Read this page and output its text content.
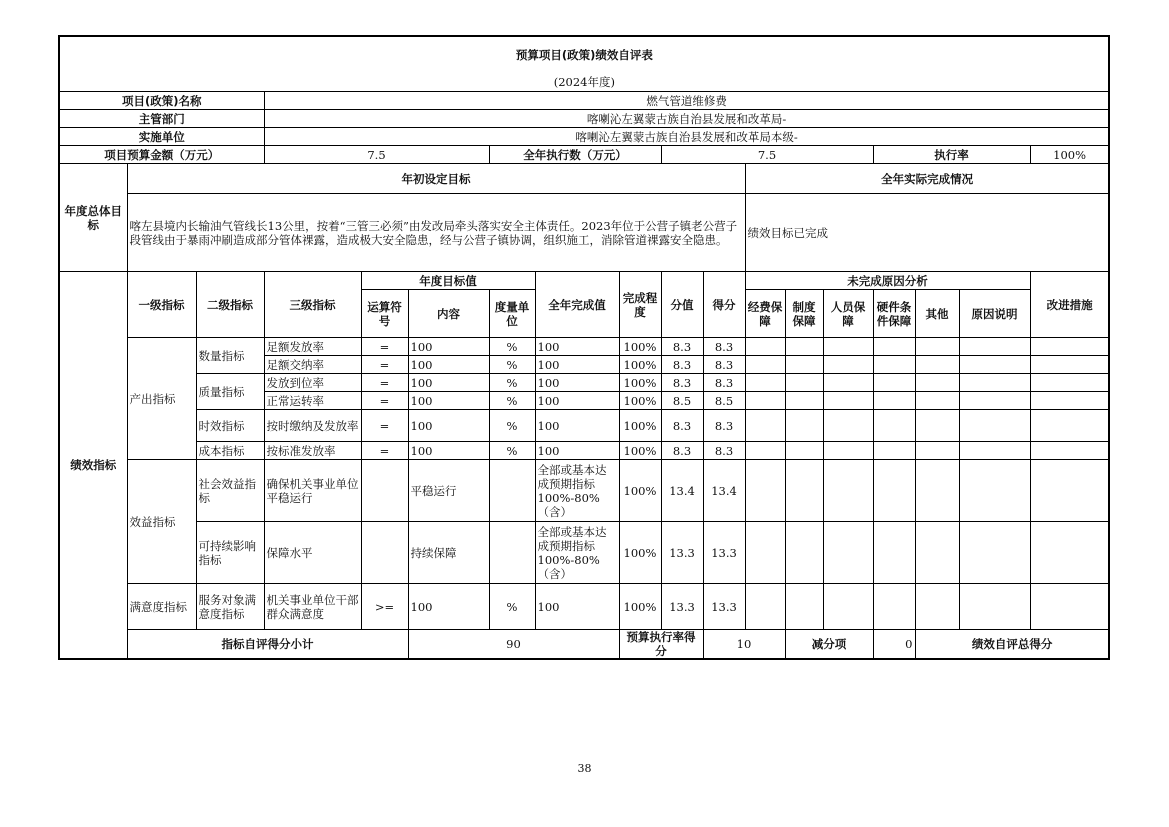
预算项目(政策)绩效自评表																		
(2024年度)																		
项目(政策)名称			燃气管道维修费															
主管部门			喀喇沁左翼蒙古族自治县发展和改革局-															
实施单位			喀喇沁左翼蒙古族自治县发展和改革局本级-															
项目预算金额（万元）			7.5			全年执行数（万元）			7.5					执行率			100%	
年度总体目标	年初设定目标										全年实际完成情况							
	喀左县境内长输油气管线长13公里，按着“三管三必须”由发改局牵头落实安全主体责任。2023年位于公营子镇老公营子段管线由于暴雨冲刷造成部分管体裸露，造成极大安全隐患，经与公营子镇协调，组织施工，消除管道裸露安全隐患。										绩效目标已完成							
绩效指标	一级指标	二级指标	三级指标	年度目标值			全年完成值	完成程度	分值	得分	未完成原因分析						改进措施	
				运算符号	内容	度量单位					经费保障	制度保障	人员保障	硬件条件保障	其他	原因说明		
	产出指标	数量指标	足额发放率	=	100	%	100	100%	8.3	8.3								
			足额交纳率	=	100	%	100	100%	8.3	8.3								
		质量指标	发放到位率	=	100	%	100	100%	8.3	8.3								
			正常运转率	=	100	%	100	100%	8.5	8.5								
		时效指标	按时缴纳及发放率	=	100	%	100	100%	8.3	8.3								
		成本指标	按标准发放率	=	100	%	100	100%	8.3	8.3								
	效益指标	社会效益指标	确保机关事业单位平稳运行		平稳运行		全部或基本达成预期指标100%-80%（含）	100%	13.4	13.4								
		可持续影响指标	保障水平		持续保障		全部或基本达成预期指标100%-80%（含）	100%	13.3	13.3								
	满意度指标	服务对象满意度指标	机关事业单位干部群众满意度	>=	100	%	100	100%	13.3	13.3								
	指标自评得分小计				90			预算执行率得分		10		减分项		0	绩效自评总得分	
38
